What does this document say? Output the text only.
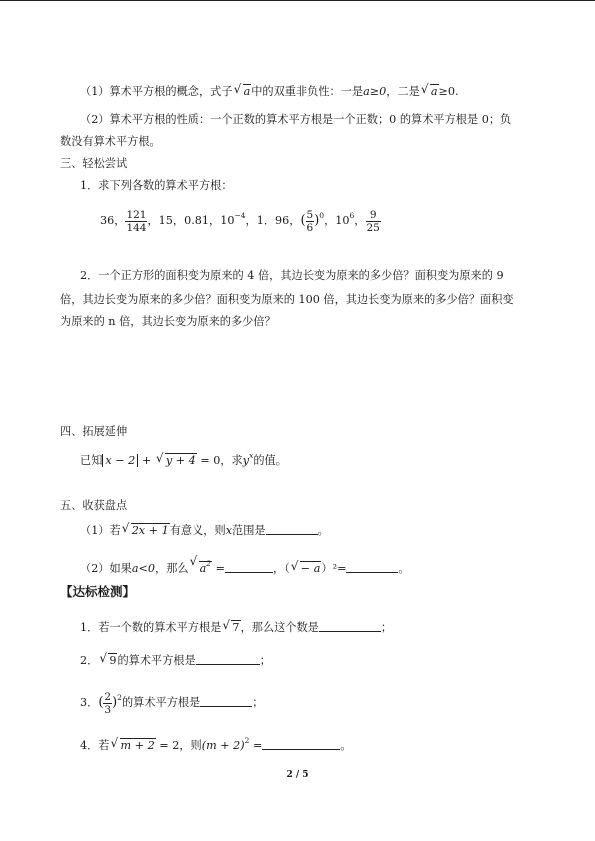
（1）算术平方根的概念，式子 √ a中的双重非负性：一是a≥0，二是 √ a≥0.
（2）算术平方根的性质：一个正数的算术平方根是一个正数；0 的算术平方根是 0；负
数没有算术平方根。
三、轻松尝试
1．求下列各数的算术平方根：
36， $\frac{121}{144}$ ，15，0.81，$10^{-4}$，1．96，( $\frac{5}{6} )^0$，$10^6$， $\frac{9}{25}$
2．一个正方形的面积变为原来的 4 倍，其边长变为原来的多少倍？面积变为原来的 9
倍，其边长变为原来的多少倍？面积变为原来的 100 倍，其边长变为原来的多少倍？面积变
为原来的 n 倍，其边长变为原来的多少倍？
四、拓展延伸
已知 x − 2 + √ y + 4 = 0，求$y^x$的值。
五、收获盘点
（1）若 √ 2x + 1有意义，则x范围是	。
（2）如果a<0，那么
√
$a^2$ =	，（ √ − a）²=	。
【达标检测】
1．若一个数的算术平方根是 √ 7，那么这个数是	；
2． √ 9的算术平方根是	；
3．( $\frac{2}{3} )^2$的算术平方根是	；
4．若 √ m + 2 = 2，则$(m + 2)^2$ =	。
2 / 5
